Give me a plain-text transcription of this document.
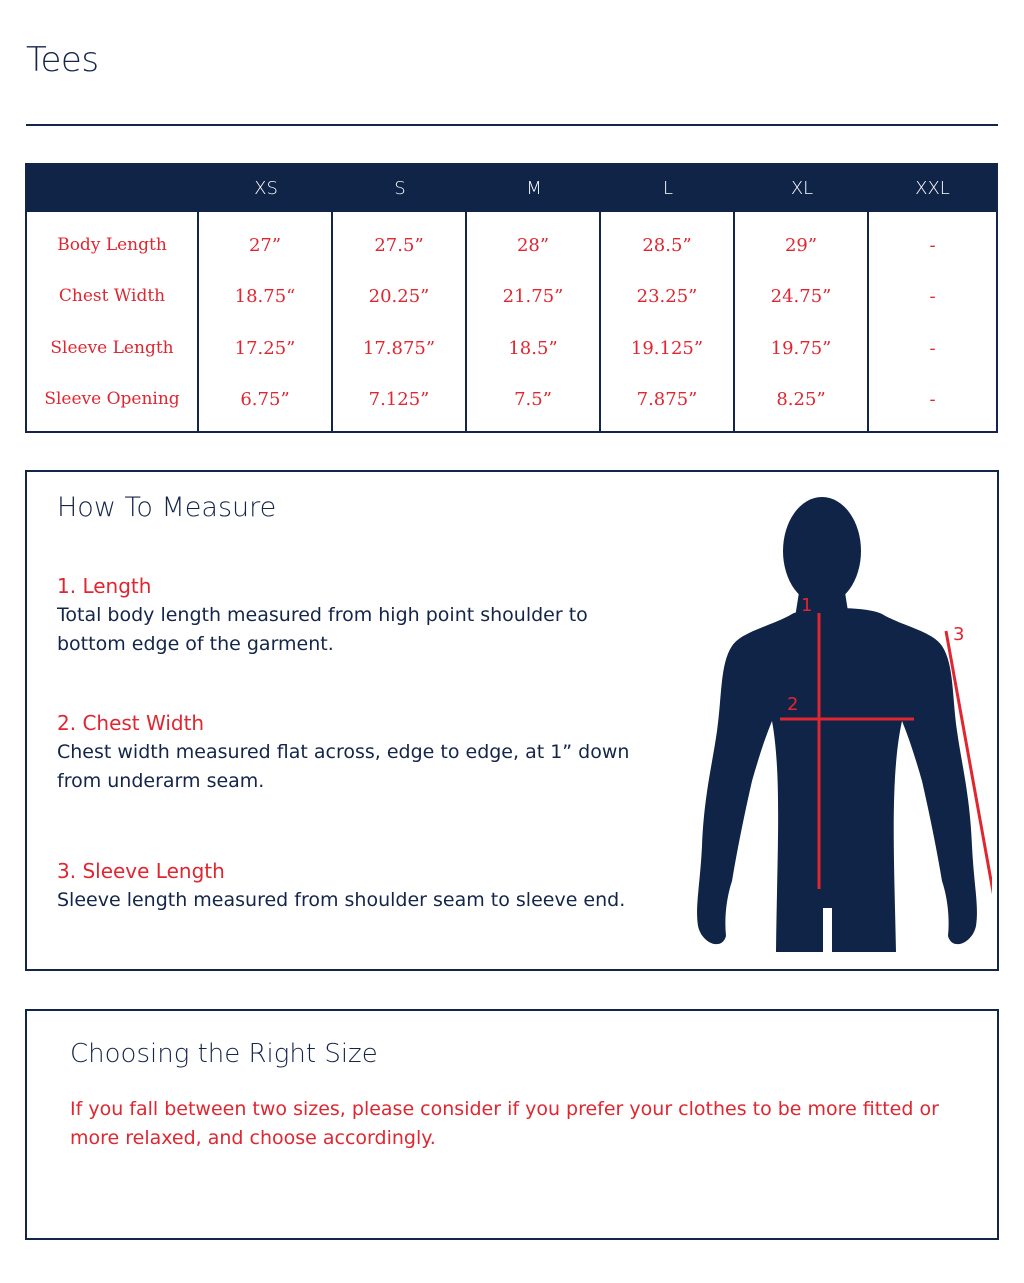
Tees
XS	S	M	L	XL	XXL
Body Length	27”	27.5”	28”	28.5”	29”	-
Chest Width	18.75“	20.25”	21.75”	23.25”	24.75”	-
Sleeve Length	17.25”	17.875”	18.5”	19.125”	19.75”	-
Sleeve Opening	6.75”	7.125”	7.5”	7.875”	8.25”	-
How To Measure
1. Length
Total body length measured from high point shoulder to bottom edge of the garment.
2. Chest Width
Chest width measured flat across, edge to edge, at 1” down from underarm seam.
3. Sleeve Length
Sleeve length measured from shoulder seam to sleeve end.
1
2
3
Choosing the Right Size
If you fall between two sizes, please consider if you prefer your clothes to be more fitted or more relaxed, and choose accordingly.
